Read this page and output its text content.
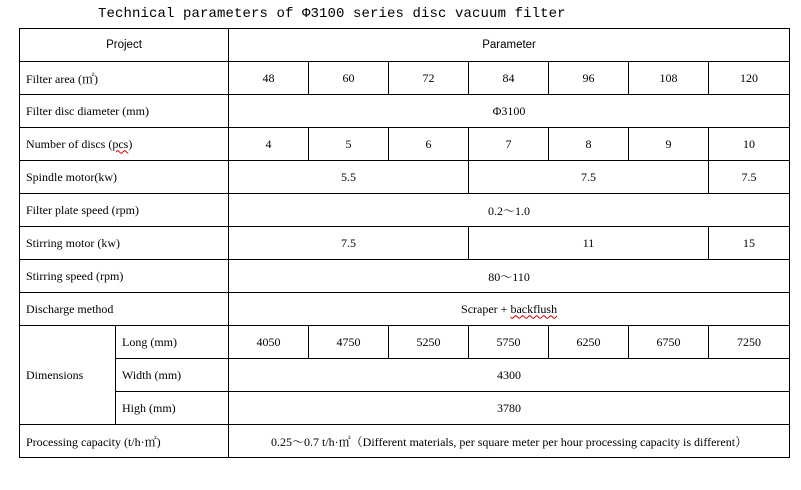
Technical parameters of Φ3100 series disc vacuum filter
Project		Parameter						
Filter area (㎡)		48	60	72	84	96	108	120
Filter disc diameter (mm)		Φ3100						
Number of discs (pcs)		4	5	6	7	8	9	10
Spindle motor(kw)		5.5			7.5			7.5
Filter plate speed (rpm)		0.2～1.0						
Stirring motor (kw)		7.5			11			15
Stirring speed (rpm)		80～110						
Discharge method		Scraper + backflush						
Dimensions	Long (mm)	4050	4750	5250	5750	6250	6750	7250
	Width (mm)	4300						
	High (mm)	3780						
Processing capacity (t/h·㎡)		0.25～0.7 t/h·㎡（Different materials, per square meter per hour processing capacity is different）						
